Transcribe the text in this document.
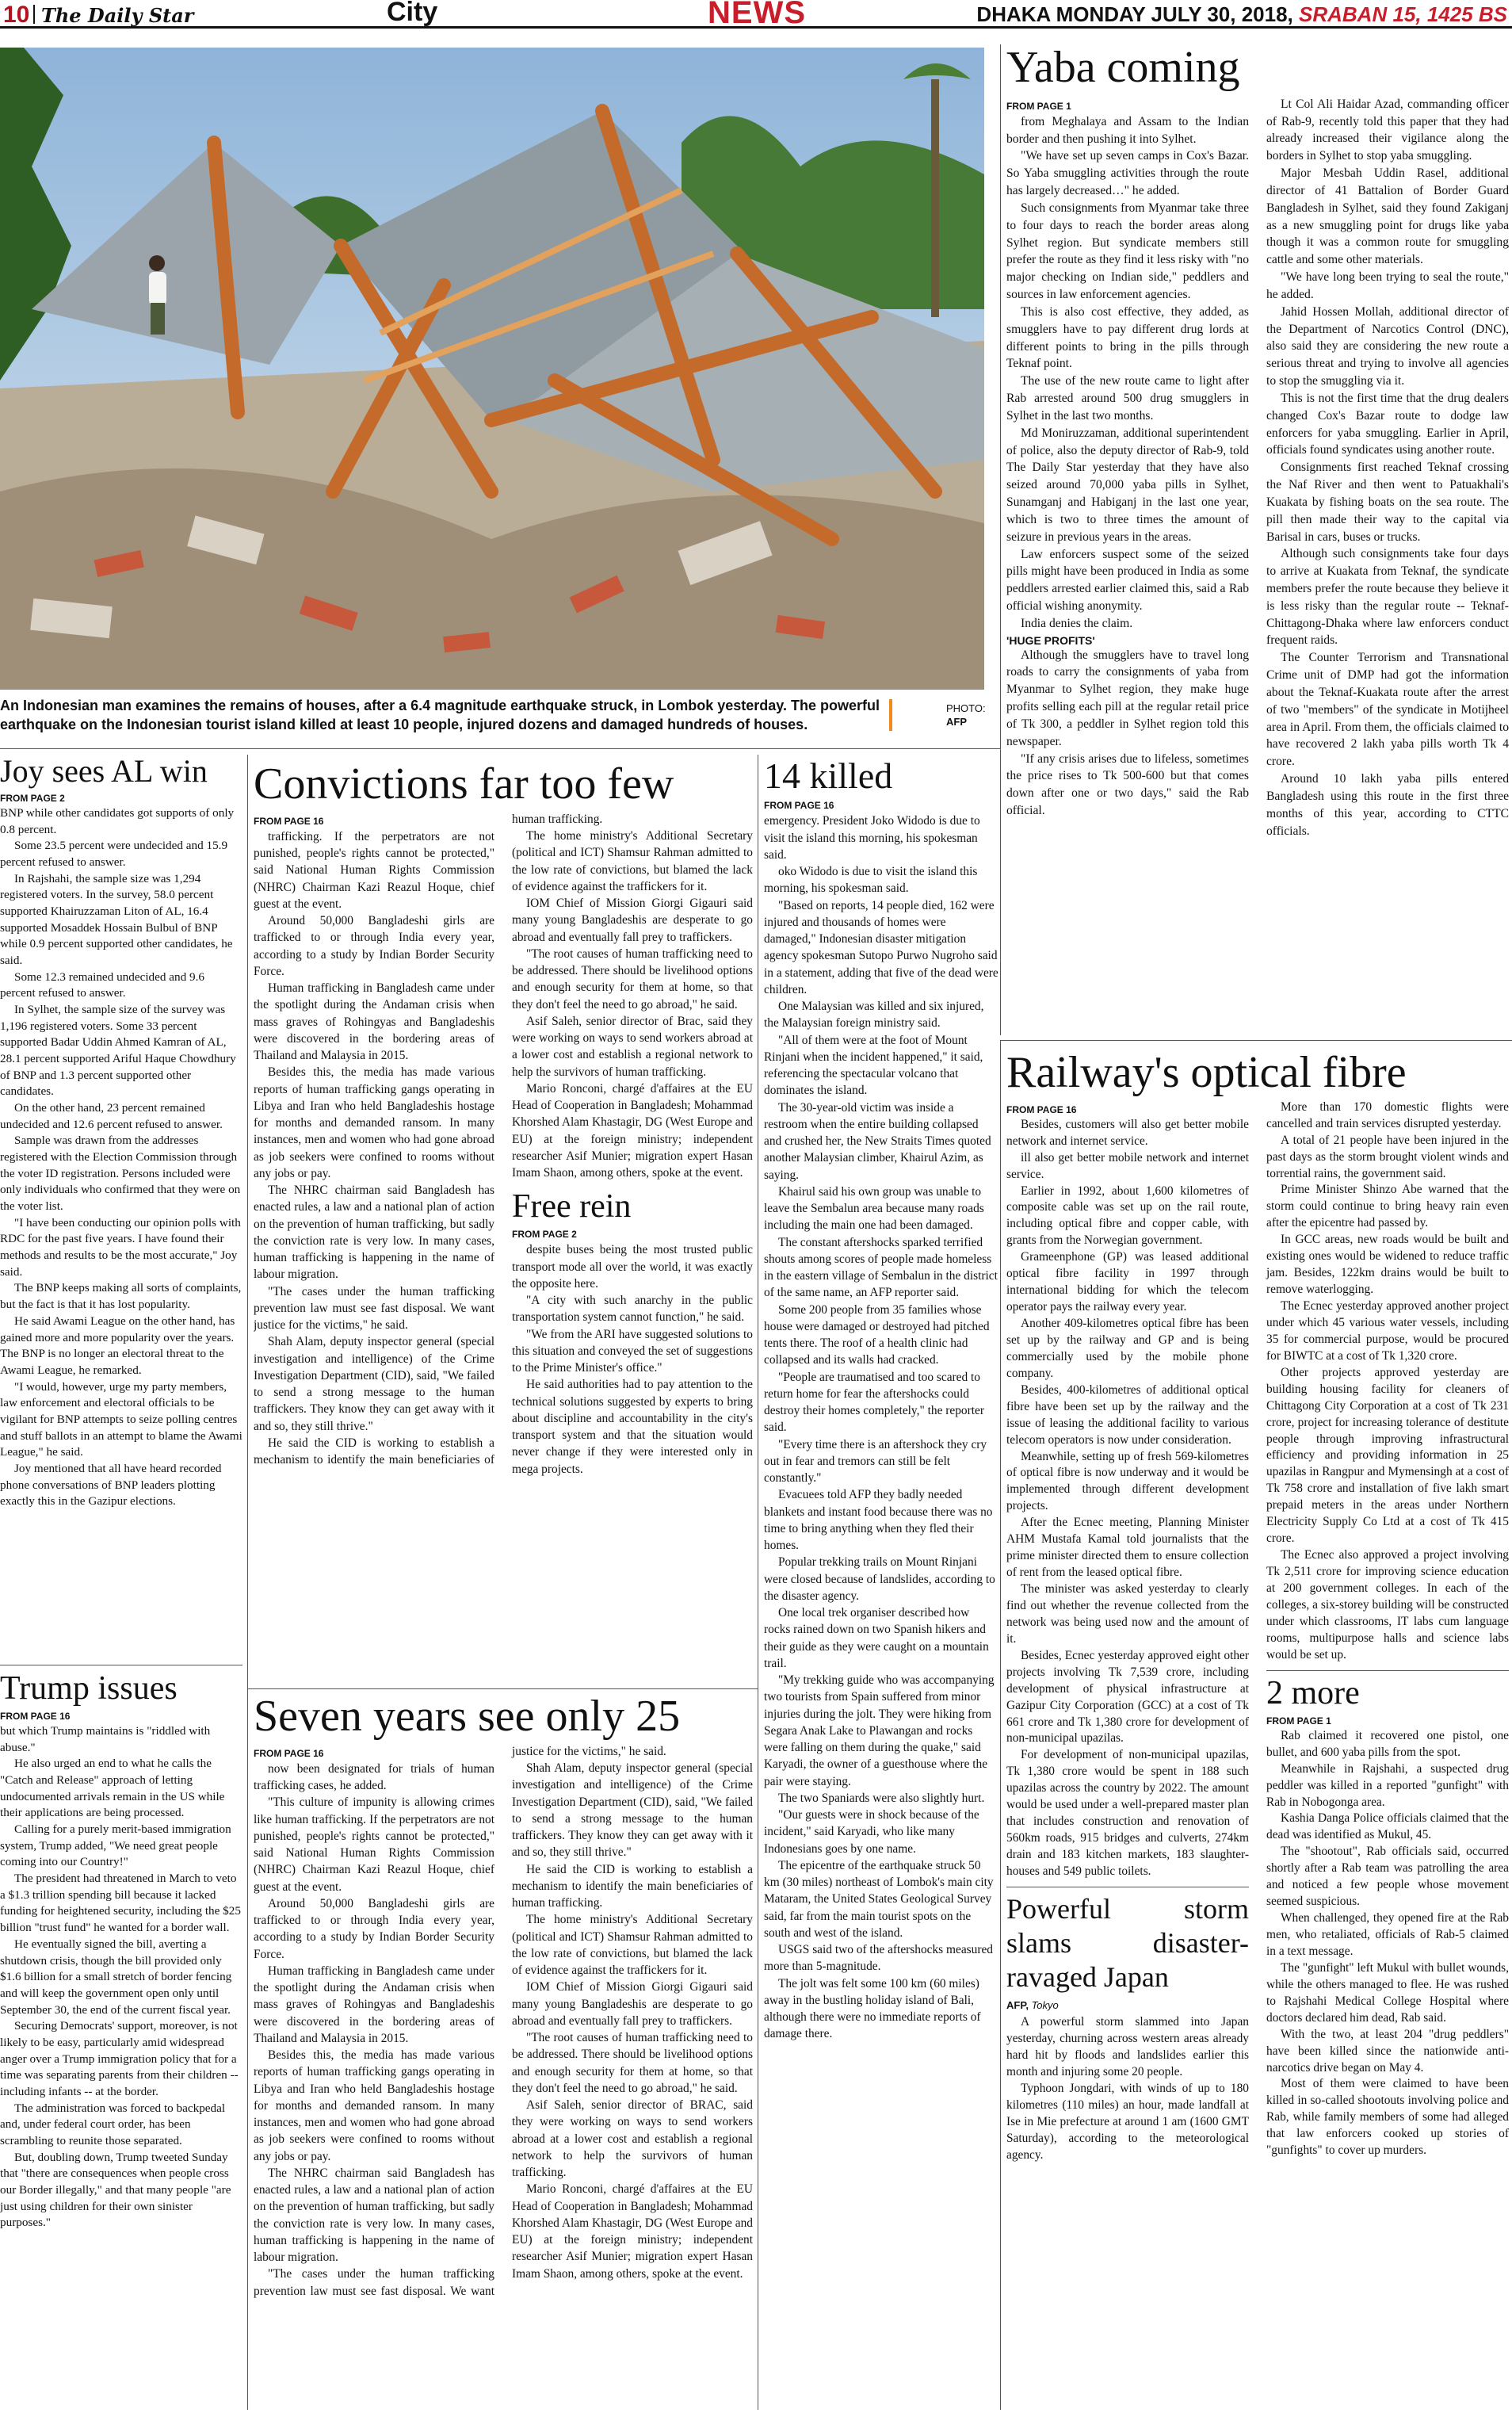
10 The Daily Star	City	NEWS	DHAKA MONDAY JULY 30, 2018, SRABAN 15, 1425 BS
An Indonesian man examines the remains of houses, after a 6.4 magnitude earthquake struck, in Lombok yesterday. The powerful earthquake on the Indonesian tourist island killed at least 10 people, injured dozens and damaged hundreds of houses.
PHOTO:
AFP
Yaba coming
FROM PAGE 1

from Meghalaya and Assam to the Indian border and then pushing it into Sylhet.

"We have set up seven camps in Cox's Bazar. So Yaba smuggling activities through the route has largely decreased…" he added.

Such consignments from Myanmar take three to four days to reach the border areas along Sylhet region. But syndicate members still prefer the route as they find it less risky with "no major checking on Indian side," peddlers and sources in law enforcement agencies.

This is also cost effective, they added, as smugglers have to pay different drug lords at different points to bring in the pills through Teknaf point.

The use of the new route came to light after Rab arrested around 500 drug smugglers in Sylhet in the last two months.

Md Moniruzzaman, additional superintendent of police, also the deputy director of Rab-9, told The Daily Star yesterday that they have also seized around 70,000 yaba pills in Sylhet, Sunamganj and Habiganj in the last one year, which is two to three times the amount of seizure in previous years in the areas.

Law enforcers suspect some of the seized pills might have been produced in India as some peddlers arrested earlier claimed this, said a Rab official wishing anonymity.

India denies the claim.

'HUGE PROFITS'

Although the smugglers have to travel long roads to carry the consignments of yaba from Myanmar to Sylhet region, they make huge profits selling each pill at the regular retail price of Tk 300, a peddler in Sylhet region told this newspaper.

"If any crisis arises due to lifeless, sometimes the price rises to Tk 500-600 but that comes down after one or two days," said the Rab official.

Lt Col Ali Haidar Azad, commanding officer of Rab-9, recently told this paper that they had already increased their vigilance along the borders in Sylhet to stop yaba smuggling.

Major Mesbah Uddin Rasel, additional director of 41 Battalion of Border Guard Bangladesh in Sylhet, said they found Zakiganj as a new smuggling point for drugs like yaba though it was a common route for smuggling cattle and some other materials.

"We have long been trying to seal the route," he added.

Jahid Hossen Mollah, additional director of the Department of Narcotics Control (DNC), also said they are considering the new route a serious threat and trying to involve all agencies to stop the smuggling via it.

This is not the first time that the drug dealers changed Cox's Bazar route to dodge law enforcers for yaba smuggling. Earlier in April, officials found syndicates using another route.

Consignments first reached Teknaf crossing the Naf River and then went to Patuakhali's Kuakata by fishing boats on the sea route. The pill then made their way to the capital via Barisal in cars, buses or trucks.

Although such consignments take four days to arrive at Kuakata from Teknaf, the syndicate members prefer the route because they believe it is less risky than the regular route -- Teknaf-Chittagong-Dhaka where law enforcers conduct frequent raids.

The Counter Terrorism and Transnational Crime unit of DMP had got the information about the Teknaf-Kuakata route after the arrest of two "members" of the syndicate in Motijheel area in April. From them, the officials claimed to have recovered 2 lakh yaba pills worth Tk 4 crore.

Around 10 lakh yaba pills entered Bangladesh using this route in the first three months of this year, according to CTTC officials.

Joy sees AL win
FROM PAGE 2

BNP while other candidates got supports of only 0.8 percent.

Some 23.5 percent were undecided and 15.9 percent refused to answer.

In Rajshahi, the sample size was 1,294 registered voters. In the survey, 58.0 percent supported Khairuzzaman Liton of AL, 16.4 supported Mosaddek Hossain Bulbul of BNP while 0.9 percent supported other candidates, he said.

Some 12.3 remained undecided and 9.6 percent refused to answer.

In Sylhet, the sample size of the survey was 1,196 registered voters. Some 33 percent supported Badar Uddin Ahmed Kamran of AL, 28.1 percent supported Ariful Haque Chowdhury of BNP and 1.3 percent supported other candidates.

On the other hand, 23 percent remained undecided and 12.6 percent refused to answer.

Sample was drawn from the addresses registered with the Election Commission through the voter ID registration. Persons included were only individuals who confirmed that they were on the voter list.

"I have been conducting our opinion polls with RDC for the past five years. I have found their methods and results to be the most accurate," Joy said.

The BNP keeps making all sorts of complaints, but the fact is that it has lost popularity.

He said Awami League on the other hand, has gained more and more popularity over the years. The BNP is no longer an electoral threat to the Awami League, he remarked.

"I would, however, urge my party members, law enforcement and electoral officials to be vigilant for BNP attempts to seize polling centres and stuff ballots in an attempt to blame the Awami League," he said.

Joy mentioned that all have heard recorded phone conversations of BNP leaders plotting exactly this in the Gazipur elections.

Trump issues
FROM PAGE 16

but which Trump maintains is "riddled with abuse."

He also urged an end to what he calls the "Catch and Release" approach of letting undocumented arrivals remain in the US while their applications are being processed.

Calling for a purely merit-based immigration system, Trump added, "We need great people coming into our Country!"

The president had threatened in March to veto a $1.3 trillion spending bill because it lacked funding for heightened security, including the $25 billion "trust fund" he wanted for a border wall.

He eventually signed the bill, averting a shutdown crisis, though the bill provided only $1.6 billion for a small stretch of border fencing and will keep the government open only until September 30, the end of the current fiscal year.

Securing Democrats' support, moreover, is not likely to be easy, particularly amid widespread anger over a Trump immigration policy that for a time was separating parents from their children -- including infants -- at the border.

The administration was forced to backpedal and, under federal court order, has been scrambling to reunite those separated.

But, doubling down, Trump tweeted Sunday that "there are consequences when people cross our Border illegally," and that many people "are just using children for their own sinister purposes."

Convictions far too few
FROM PAGE 16

trafficking. If the perpetrators are not punished, people's rights cannot be protected," said National Human Rights Commission (NHRC) Chairman Kazi Reazul Hoque, chief guest at the event.

Around 50,000 Bangladeshi girls are trafficked to or through India every year, according to a study by Indian Border Security Force.

Human trafficking in Bangladesh came under the spotlight during the Andaman crisis when mass graves of Rohingyas and Bangladeshis were discovered in the bordering areas of Thailand and Malaysia in 2015.

Besides this, the media has made various reports of human trafficking gangs operating in Libya and Iran who held Bangladeshis hostage for months and demanded ransom. In many instances, men and women who had gone abroad as job seekers were confined to rooms without any jobs or pay.

The NHRC chairman said Bangladesh has enacted rules, a law and a national plan of action on the prevention of human trafficking, but sadly the conviction rate is very low. In many cases, human trafficking is happening in the name of labour migration.

"The cases under the human trafficking prevention law must see fast disposal. We want justice for the victims," he said.

Shah Alam, deputy inspector general (special investigation and intelligence) of the Crime Investigation Department (CID), said, "We failed to send a strong message to the human traffickers. They know they can get away with it and so, they still thrive."

He said the CID is working to establish a mechanism to identify the main beneficiaries of human trafficking.

The home ministry's Additional Secretary (political and ICT) Shamsur Rahman admitted to the low rate of convictions, but blamed the lack of evidence against the traffickers for it.

IOM Chief of Mission Giorgi Gigauri said many young Bangladeshis are desperate to go abroad and eventually fall prey to traffickers.

"The root causes of human trafficking need to be addressed. There should be livelihood options and enough security for them at home, so that they don't feel the need to go abroad," he said.

Asif Saleh, senior director of Brac, said they were working on ways to send workers abroad at a lower cost and establish a regional network to help the survivors of human trafficking.

Mario Ronconi, chargé d'affaires at the EU Head of Cooperation in Bangladesh; Mohammad Khorshed Alam Khastagir, DG (West Europe and EU) at the foreign ministry; independent researcher Asif Munier; migration expert Hasan Imam Shaon, among others, spoke at the event.

Free rein
FROM PAGE 2

despite buses being the most trusted public transport mode all over the world, it was exactly the opposite here.

"A city with such anarchy in the public transportation system cannot function," he said.

"We from the ARI have suggested solutions to this situation and conveyed the set of suggestions to the Prime Minister's office."

He said authorities had to pay attention to the technical solutions suggested by experts to bring about discipline and accountability in the city's transport system and that the situation would never change if they were interested only in mega projects.

Seven years see only 25
FROM PAGE 16

now been designated for trials of human trafficking cases, he added.

"This culture of impunity is allowing crimes like human trafficking. If the perpetrators are not punished, people's rights cannot be protected," said National Human Rights Commission (NHRC) Chairman Kazi Reazul Hoque, chief guest at the event.

Around 50,000 Bangladeshi girls are trafficked to or through India every year, according to a study by Indian Border Security Force.

Human trafficking in Bangladesh came under the spotlight during the Andaman crisis when mass graves of Rohingyas and Bangladeshis were discovered in the bordering areas of Thailand and Malaysia in 2015.

Besides this, the media has made various reports of human trafficking gangs operating in Libya and Iran who held Bangladeshis hostage for months and demanded ransom. In many instances, men and women who had gone abroad as job seekers were confined to rooms without any jobs or pay.

The NHRC chairman said Bangladesh has enacted rules, a law and a national plan of action on the prevention of human trafficking, but sadly the conviction rate is very low. In many cases, human trafficking is happening in the name of labour migration.

"The cases under the human trafficking prevention law must see fast disposal. We want justice for the victims," he said.

Shah Alam, deputy inspector general (special investigation and intelligence) of the Crime Investigation Department (CID), said, "We failed to send a strong message to the human traffickers. They know they can get away with it and so, they still thrive."

He said the CID is working to establish a mechanism to identify the main beneficiaries of human trafficking.

The home ministry's Additional Secretary (political and ICT) Shamsur Rahman admitted to the low rate of convictions, but blamed the lack of evidence against the traffickers for it.

IOM Chief of Mission Giorgi Gigauri said many young Bangladeshis are desperate to go abroad and eventually fall prey to traffickers.

"The root causes of human trafficking need to be addressed. There should be livelihood options and enough security for them at home, so that they don't feel the need to go abroad," he said.

Asif Saleh, senior director of BRAC, said they were working on ways to send workers abroad at a lower cost and establish a regional network to help the survivors of human trafficking.

Mario Ronconi, chargé d'affaires at the EU Head of Cooperation in Bangladesh; Mohammad Khorshed Alam Khastagir, DG (West Europe and EU) at the foreign ministry; independent researcher Asif Munier; migration expert Hasan Imam Shaon, among others, spoke at the event.

14 killed
FROM PAGE 16

emergency. President Joko Widodo is due to visit the island this morning, his spokesman said.

oko Widodo is due to visit the island this morning, his spokesman said.

"Based on reports, 14 people died, 162 were injured and thousands of homes were damaged," Indonesian disaster mitigation agency spokesman Sutopo Purwo Nugroho said in a statement, adding that five of the dead were children.

One Malaysian was killed and six injured, the Malaysian foreign ministry said.

"All of them were at the foot of Mount Rinjani when the incident happened," it said, referencing the spectacular volcano that dominates the island.

The 30-year-old victim was inside a restroom when the entire building collapsed and crushed her, the New Straits Times quoted another Malaysian climber, Khairul Azim, as saying.

Khairul said his own group was unable to leave the Sembalun area because many roads including the main one had been damaged.

The constant aftershocks sparked terrified shouts among scores of people made homeless in the eastern village of Sembalun in the district of the same name, an AFP reporter said.

Some 200 people from 35 families whose house were damaged or destroyed had pitched tents there. The roof of a health clinic had collapsed and its walls had cracked.

"People are traumatised and too scared to return home for fear the aftershocks could destroy their homes completely," the reporter said.

"Every time there is an aftershock they cry out in fear and tremors can still be felt constantly."

Evacuees told AFP they badly needed blankets and instant food because there was no time to bring anything when they fled their homes.

Popular trekking trails on Mount Rinjani were closed because of landslides, according to the disaster agency.

One local trek organiser described how rocks rained down on two Spanish hikers and their guide as they were caught on a mountain trail.

"My trekking guide who was accompanying two tourists from Spain suffered from minor injuries during the jolt. They were hiking from Segara Anak Lake to Plawangan and rocks were falling on them during the quake," said Karyadi, the owner of a guesthouse where the pair were staying.

The two Spaniards were also slightly hurt.

"Our guests were in shock because of the incident," said Karyadi, who like many Indonesians goes by one name.

The epicentre of the earthquake struck 50 km (30 miles) northeast of Lombok's main city Mataram, the United States Geological Survey said, far from the main tourist spots on the south and west of the island.

USGS said two of the aftershocks measured more than 5-magnitude.

The jolt was felt some 100 km (60 miles) away in the bustling holiday island of Bali, although there were no immediate reports of damage there.

Railway's optical fibre
FROM PAGE 16

Besides, customers will also get better mobile network and internet service.

ill also get better mobile network and internet service.

Earlier in 1992, about 1,600 kilometres of composite cable was set up on the rail route, including optical fibre and copper cable, with grants from the Norwegian government.

Grameenphone (GP) was leased additional optical fibre facility in 1997 through international bidding for which the telecom operator pays the railway every year.

Another 409-kilometres optical fibre has been set up by the railway and GP and is being commercially used by the mobile phone company.

Besides, 400-kilometres of additional optical fibre have been set up by the railway and the issue of leasing the additional facility to various telecom operators is now under consideration.

Meanwhile, setting up of fresh 569-kilometres of optical fibre is now underway and it would be implemented through different development projects.

After the Ecnec meeting, Planning Minister AHM Mustafa Kamal told journalists that the prime minister directed them to ensure collection of rent from the leased optical fibre.

The minister was asked yesterday to clearly find out whether the revenue collected from the network was being used now and the amount of it.

Besides, Ecnec yesterday approved eight other projects involving Tk 7,539 crore, including development of physical infrastructure at Gazipur City Corporation (GCC) at a cost of Tk 661 crore and Tk 1,380 crore for development of non-municipal upazilas.

For development of non-municipal upazilas, Tk 1,380 crore would be spent in 188 such upazilas across the country by 2022. The amount would be used under a well-prepared master plan that includes construction and renovation of 560km roads, 915 bridges and culverts, 274km drain and 183 kitchen markets, 183 slaughter-houses and 549 public toilets.

Powerful storm slams disaster-ravaged Japan
AFP, Tokyo

A powerful storm slammed into Japan yesterday, churning across western areas already hard hit by floods and landslides earlier this month and injuring some 20 people.

Typhoon Jongdari, with winds of up to 180 kilometres (110 miles) an hour, made landfall at Ise in Mie prefecture at around 1 am (1600 GMT Saturday), according to the meteorological agency.

More than 170 domestic flights were cancelled and train services disrupted yesterday.

A total of 21 people have been injured in the past days as the storm brought violent winds and torrential rains, the government said.

Prime Minister Shinzo Abe warned that the storm could continue to bring heavy rain even after the epicentre had passed by.

In GCC areas, new roads would be built and existing ones would be widened to reduce traffic jam. Besides, 122km drains would be built to remove waterlogging.

The Ecnec yesterday approved another project under which 45 various water vessels, including 35 for commercial purpose, would be procured for BIWTC at a cost of Tk 1,320 crore.

Other projects approved yesterday are building housing facility for cleaners of Chittagong City Corporation at a cost of Tk 231 crore, project for increasing tolerance of destitute people through improving infrastructural efficiency and providing information in 25 upazilas in Rangpur and Mymensingh at a cost of Tk 758 crore and installation of five lakh smart prepaid meters in the areas under Northern Electricity Supply Co Ltd at a cost of Tk 415 crore.

The Ecnec also approved a project involving Tk 2,511 crore for improving science education at 200 government colleges. In each of the colleges, a six-storey building will be constructed under which classrooms, IT labs cum language rooms, multipurpose halls and science labs would be set up.

2 more
FROM PAGE 1

Rab claimed it recovered one pistol, one bullet, and 600 yaba pills from the spot.

Meanwhile in Rajshahi, a suspected drug peddler was killed in a reported "gunfight" with Rab in Nobogonga area.

Kashia Danga Police officials claimed that the dead was identified as Mukul, 45.

The "shootout", Rab officials said, occurred shortly after a Rab team was patrolling the area and noticed a few people whose movement seemed suspicious.

When challenged, they opened fire at the Rab men, who retaliated, officials of Rab-5 claimed in a text message.

The "gunfight" left Mukul with bullet wounds, while the others managed to flee. He was rushed to Rajshahi Medical College Hospital where doctors declared him dead, Rab said.

With the two, at least 204 "drug peddlers" have been killed since the nationwide anti-narcotics drive began on May 4.

Most of them were claimed to have been killed in so-called shootouts involving police and Rab, while family members of some had alleged that law enforcers cooked up stories of "gunfights" to cover up murders.
